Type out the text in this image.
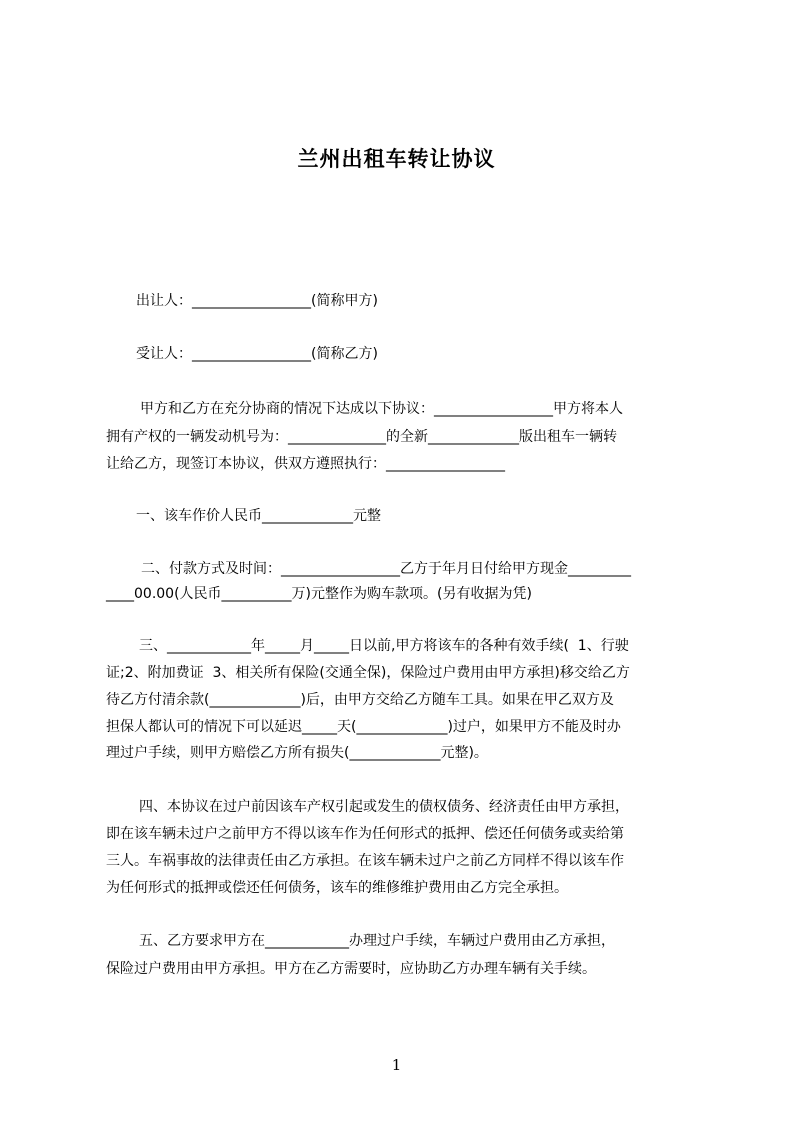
兰州出租车转让协议

出让人：_________________(简称甲方)

受让人：_________________(简称乙方)

甲方和乙方在充分协商的情况下达成以下协议：_________________甲方将本人

拥有产权的一辆发动机号为：______________的全新_____________版出租车一辆转

让给乙方，现签订本协议，供双方遵照执行：_________________

一、该车作价人民币_____________元整

二、付款方式及时间：_________________乙方于年月日付给甲方现金_________

____00.00(人民币__________万)元整作为购车款项。(另有收据为凭)

三、____________年_____月_____日以前,甲方将该车的各种有效手续(  1、行驶

证;2、附加费证  3、相关所有保险(交通全保)，保险过户费用由甲方承担)移交给乙方

待乙方付清余款(_____________)后，由甲方交给乙方随车工具。如果在甲乙双方及

担保人都认可的情况下可以延迟_____天(_____________)过户，如果甲方不能及时办

理过户手续，则甲方赔偿乙方所有损失(_____________元整)。

四、本协议在过户前因该车产权引起或发生的债权债务、经济责任由甲方承担，

即在该车辆未过户之前甲方不得以该车作为任何形式的抵押、偿还任何债务或卖给第

三人。车祸事故的法律责任由乙方承担。在该车辆未过户之前乙方同样不得以该车作

为任何形式的抵押或偿还任何债务，该车的维修维护费用由乙方完全承担。

五、乙方要求甲方在____________办理过户手续，车辆过户费用由乙方承担，

保险过户费用由甲方承担。甲方在乙方需要时，应协助乙方办理车辆有关手续。

1
